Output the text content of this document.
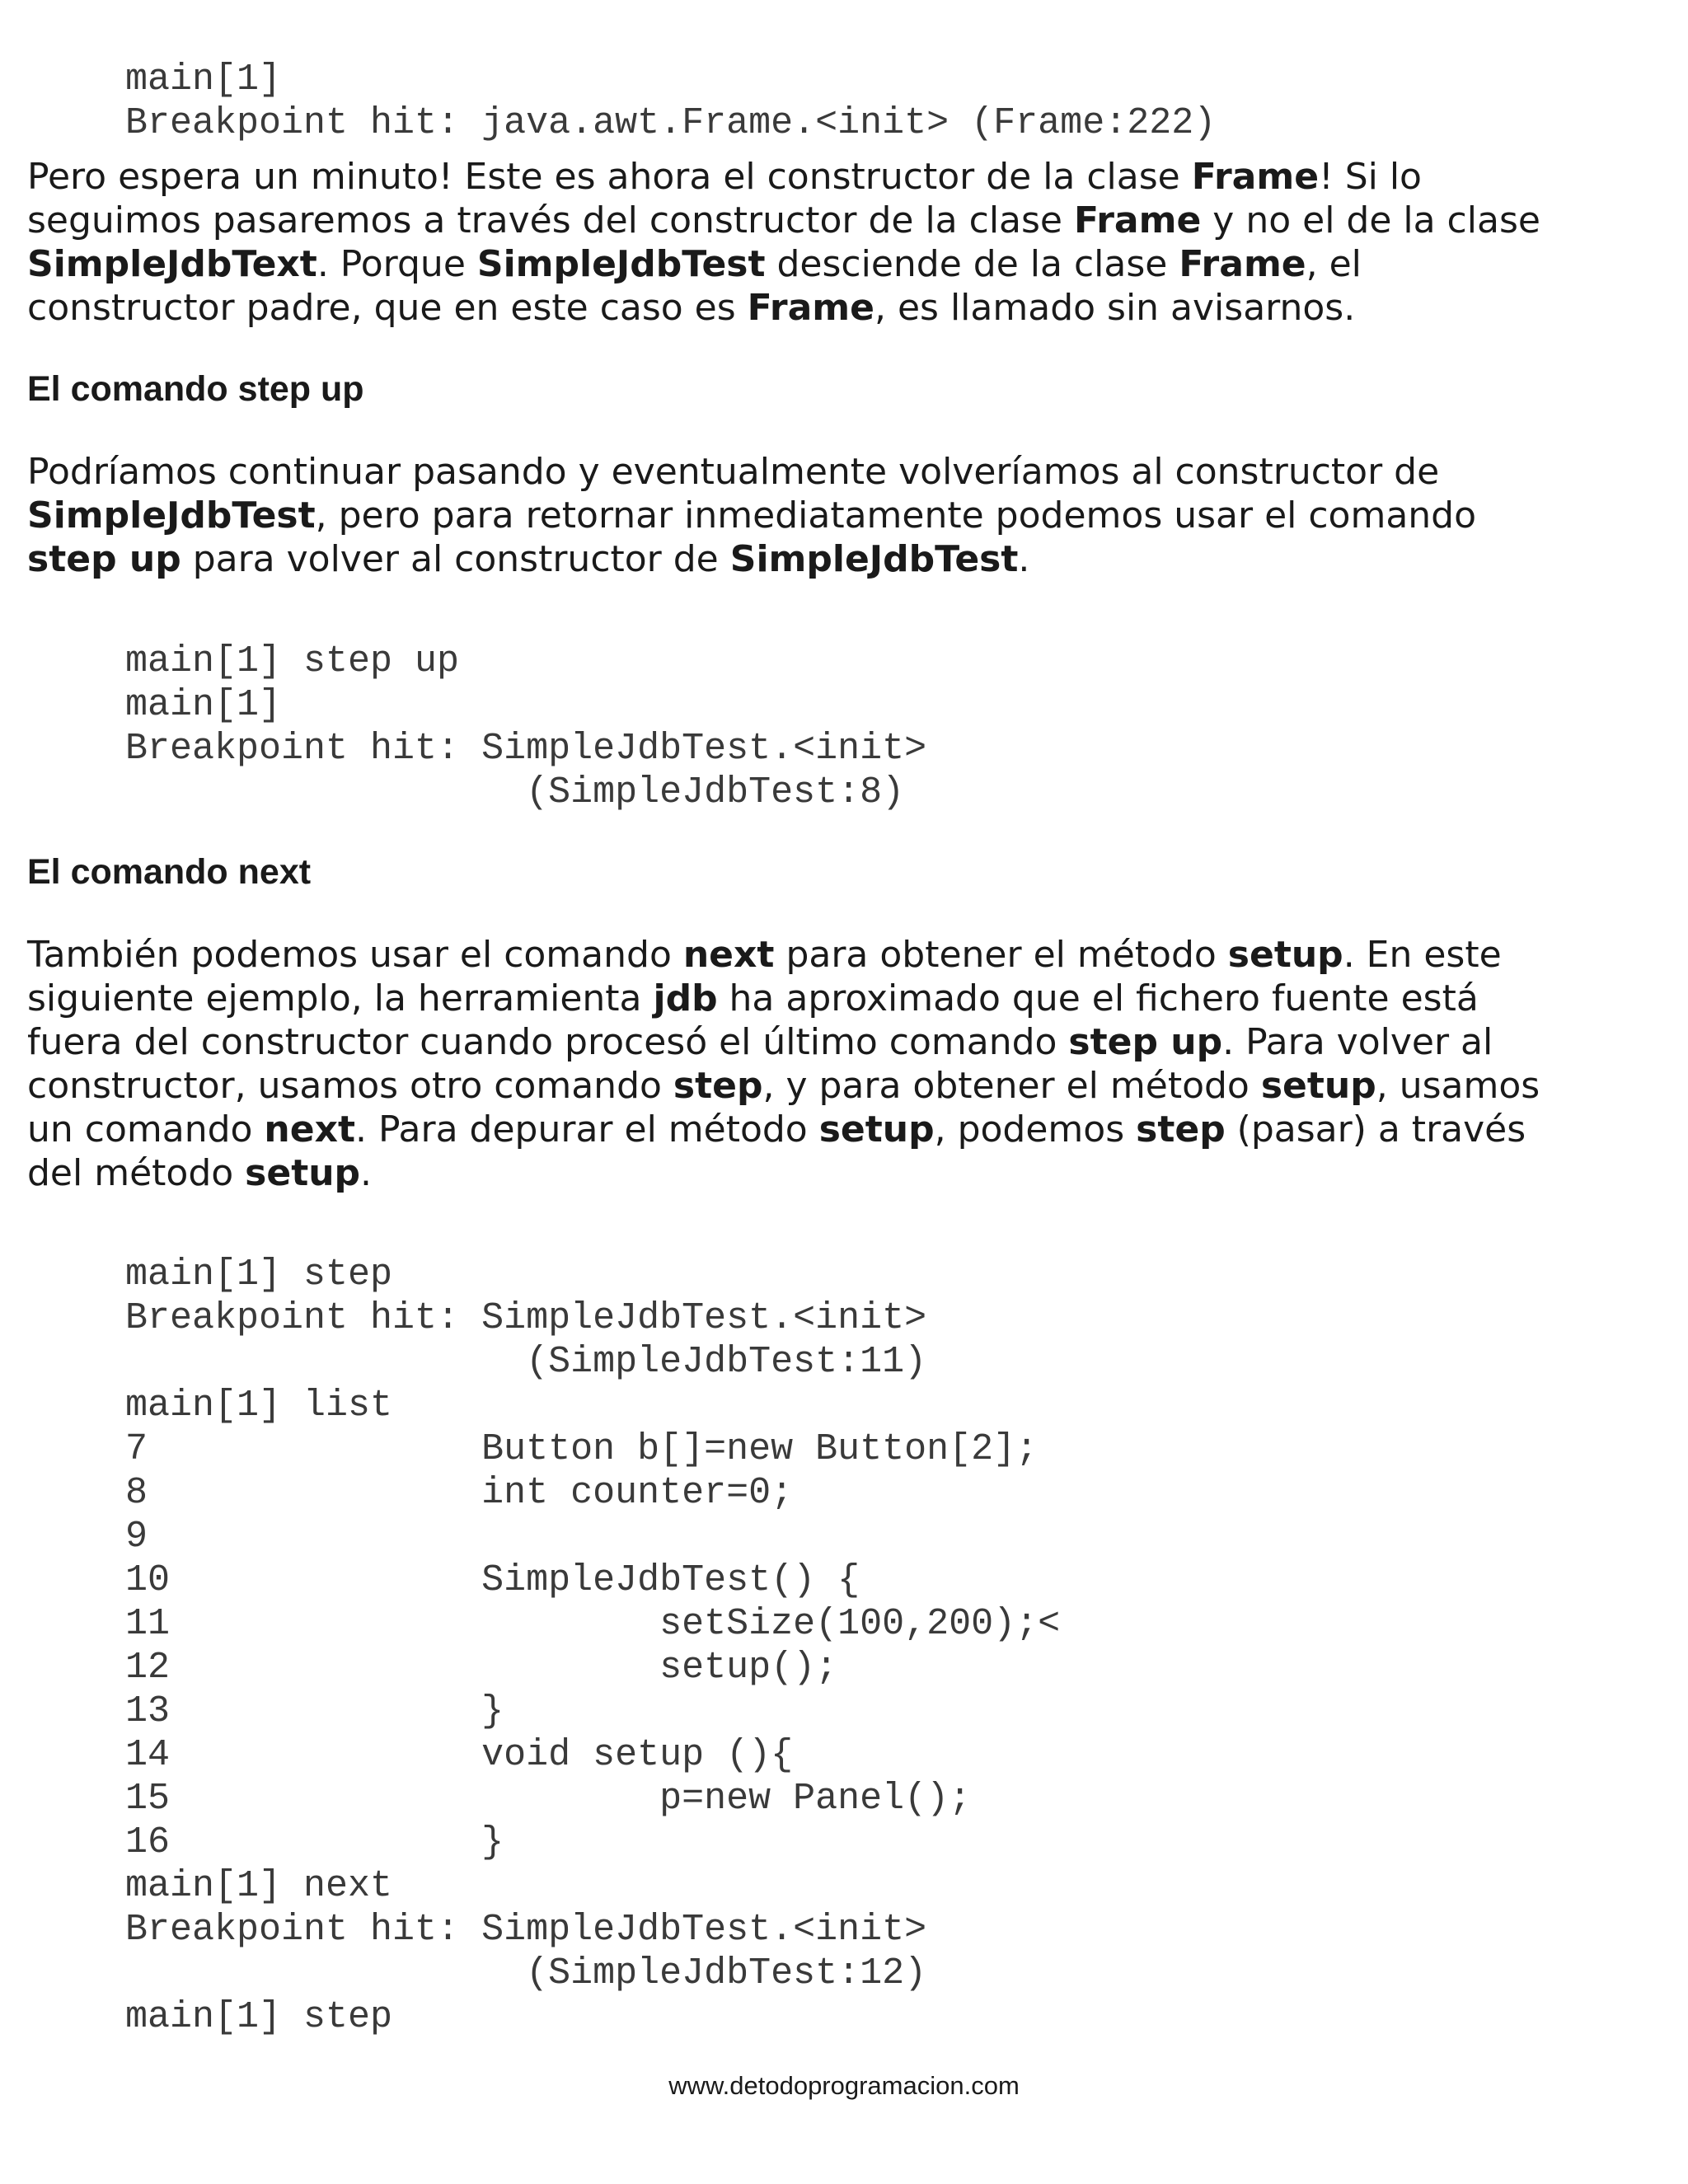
main[1]
Breakpoint hit: java.awt.Frame.<init> (Frame:222)
Pero espera un minuto! Este es ahora el constructor de la clase Frame! Si lo
seguimos pasaremos a través del constructor de la clase Frame y no el de la clase
SimpleJdbText. Porque SimpleJdbTest desciende de la clase Frame, el
constructor padre, que en este caso es Frame, es llamado sin avisarnos.
El comando step up
Podríamos continuar pasando y eventualmente volveríamos al constructor de
SimpleJdbTest, pero para retornar inmediatamente podemos usar el comando
step up para volver al constructor de SimpleJdbTest.
main[1] step up
main[1]
Breakpoint hit: SimpleJdbTest.<init>
(SimpleJdbTest:8)
El comando next
También podemos usar el comando next para obtener el método setup. En este
siguiente ejemplo, la herramienta jdb ha aproximado que el fichero fuente está
fuera del constructor cuando procesó el último comando step up. Para volver al
constructor, usamos otro comando step, y para obtener el método setup, usamos
un comando next. Para depurar el método setup, podemos step (pasar) a través
del método setup.
main[1] step
Breakpoint hit: SimpleJdbTest.<init>
(SimpleJdbTest:11)
main[1] list
7               Button b[]=new Button[2];
8               int counter=0;
9
10              SimpleJdbTest() {
11                      setSize(100,200);<
12                      setup();
13              }
14              void setup (){
15                      p=new Panel();
16              }
main[1] next
Breakpoint hit: SimpleJdbTest.<init>
(SimpleJdbTest:12)
main[1] step
www.detodoprogramacion.com
